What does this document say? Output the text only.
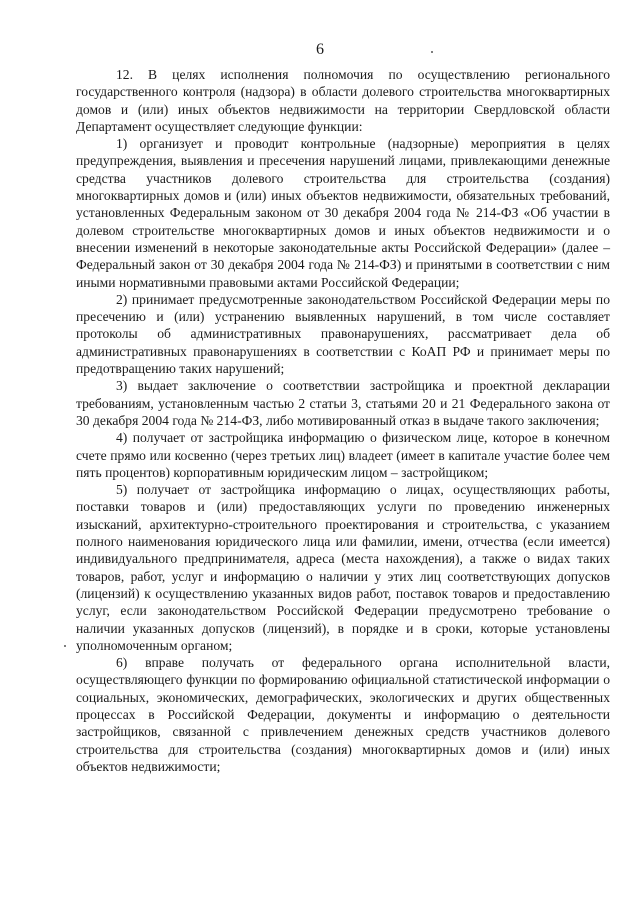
6

12. В целях исполнения полномочия по осуществлению регионального государственного контроля (надзора) в области долевого строительства многоквартирных домов и (или) иных объектов недвижимости на территории Свердловской области Департамент осуществляет следующие функции:

1) организует и проводит контрольные (надзорные) мероприятия в целях предупреждения, выявления и пресечения нарушений лицами, привлекающими денежные средства участников долевого строительства для строительства (создания) многоквартирных домов и (или) иных объектов недвижимости, обязательных требований, установленных Федеральным законом от 30 декабря 2004 года № 214-ФЗ «Об участии в долевом строительстве многоквартирных домов и иных объектов недвижимости и о внесении изменений в некоторые законодательные акты Российской Федерации» (далее – Федеральный закон от 30 декабря 2004 года № 214-ФЗ) и принятыми в соответствии с ним иными нормативными правовыми актами Российской Федерации;

2) принимает предусмотренные законодательством Российской Федерации меры по пресечению и (или) устранению выявленных нарушений, в том числе составляет протоколы об административных правонарушениях, рассматривает дела об административных правонарушениях в соответствии с КоАП РФ и принимает меры по предотвращению таких нарушений;

3) выдает заключение о соответствии застройщика и проектной декларации требованиям, установленным частью 2 статьи 3, статьями 20 и 21 Федерального закона от 30 декабря 2004 года № 214-ФЗ, либо мотивированный отказ в выдаче такого заключения;

4) получает от застройщика информацию о физическом лице, которое в конечном счете прямо или косвенно (через третьих лиц) владеет (имеет в капитале участие более чем пять процентов) корпоративным юридическим лицом – застройщиком;

5) получает от застройщика информацию о лицах, осуществляющих работы, поставки товаров и (или) предоставляющих услуги по проведению инженерных изысканий, архитектурно-строительного проектирования и строительства, с указанием полного наименования юридического лица или фамилии, имени, отчества (если имеется) индивидуального предпринимателя, адреса (места нахождения), а также о видах таких товаров, работ, услуг и информацию о наличии у этих лиц соответствующих допусков (лицензий) к осуществлению указанных видов работ, поставок товаров и предоставлению услуг, если законодательством Российской Федерации предусмотрено требование о наличии указанных допусков (лицензий), в порядке и в сроки, которые установлены уполномоченным органом;

6) вправе получать от федерального органа исполнительной власти, осуществляющего функции по формированию официальной статистической информации о социальных, экономических, демографических, экологических и других общественных процессах в Российской Федерации, документы и информацию о деятельности застройщиков, связанной с привлечением денежных средств участников долевого строительства для строительства (создания) многоквартирных домов и (или) иных объектов недвижимости;
